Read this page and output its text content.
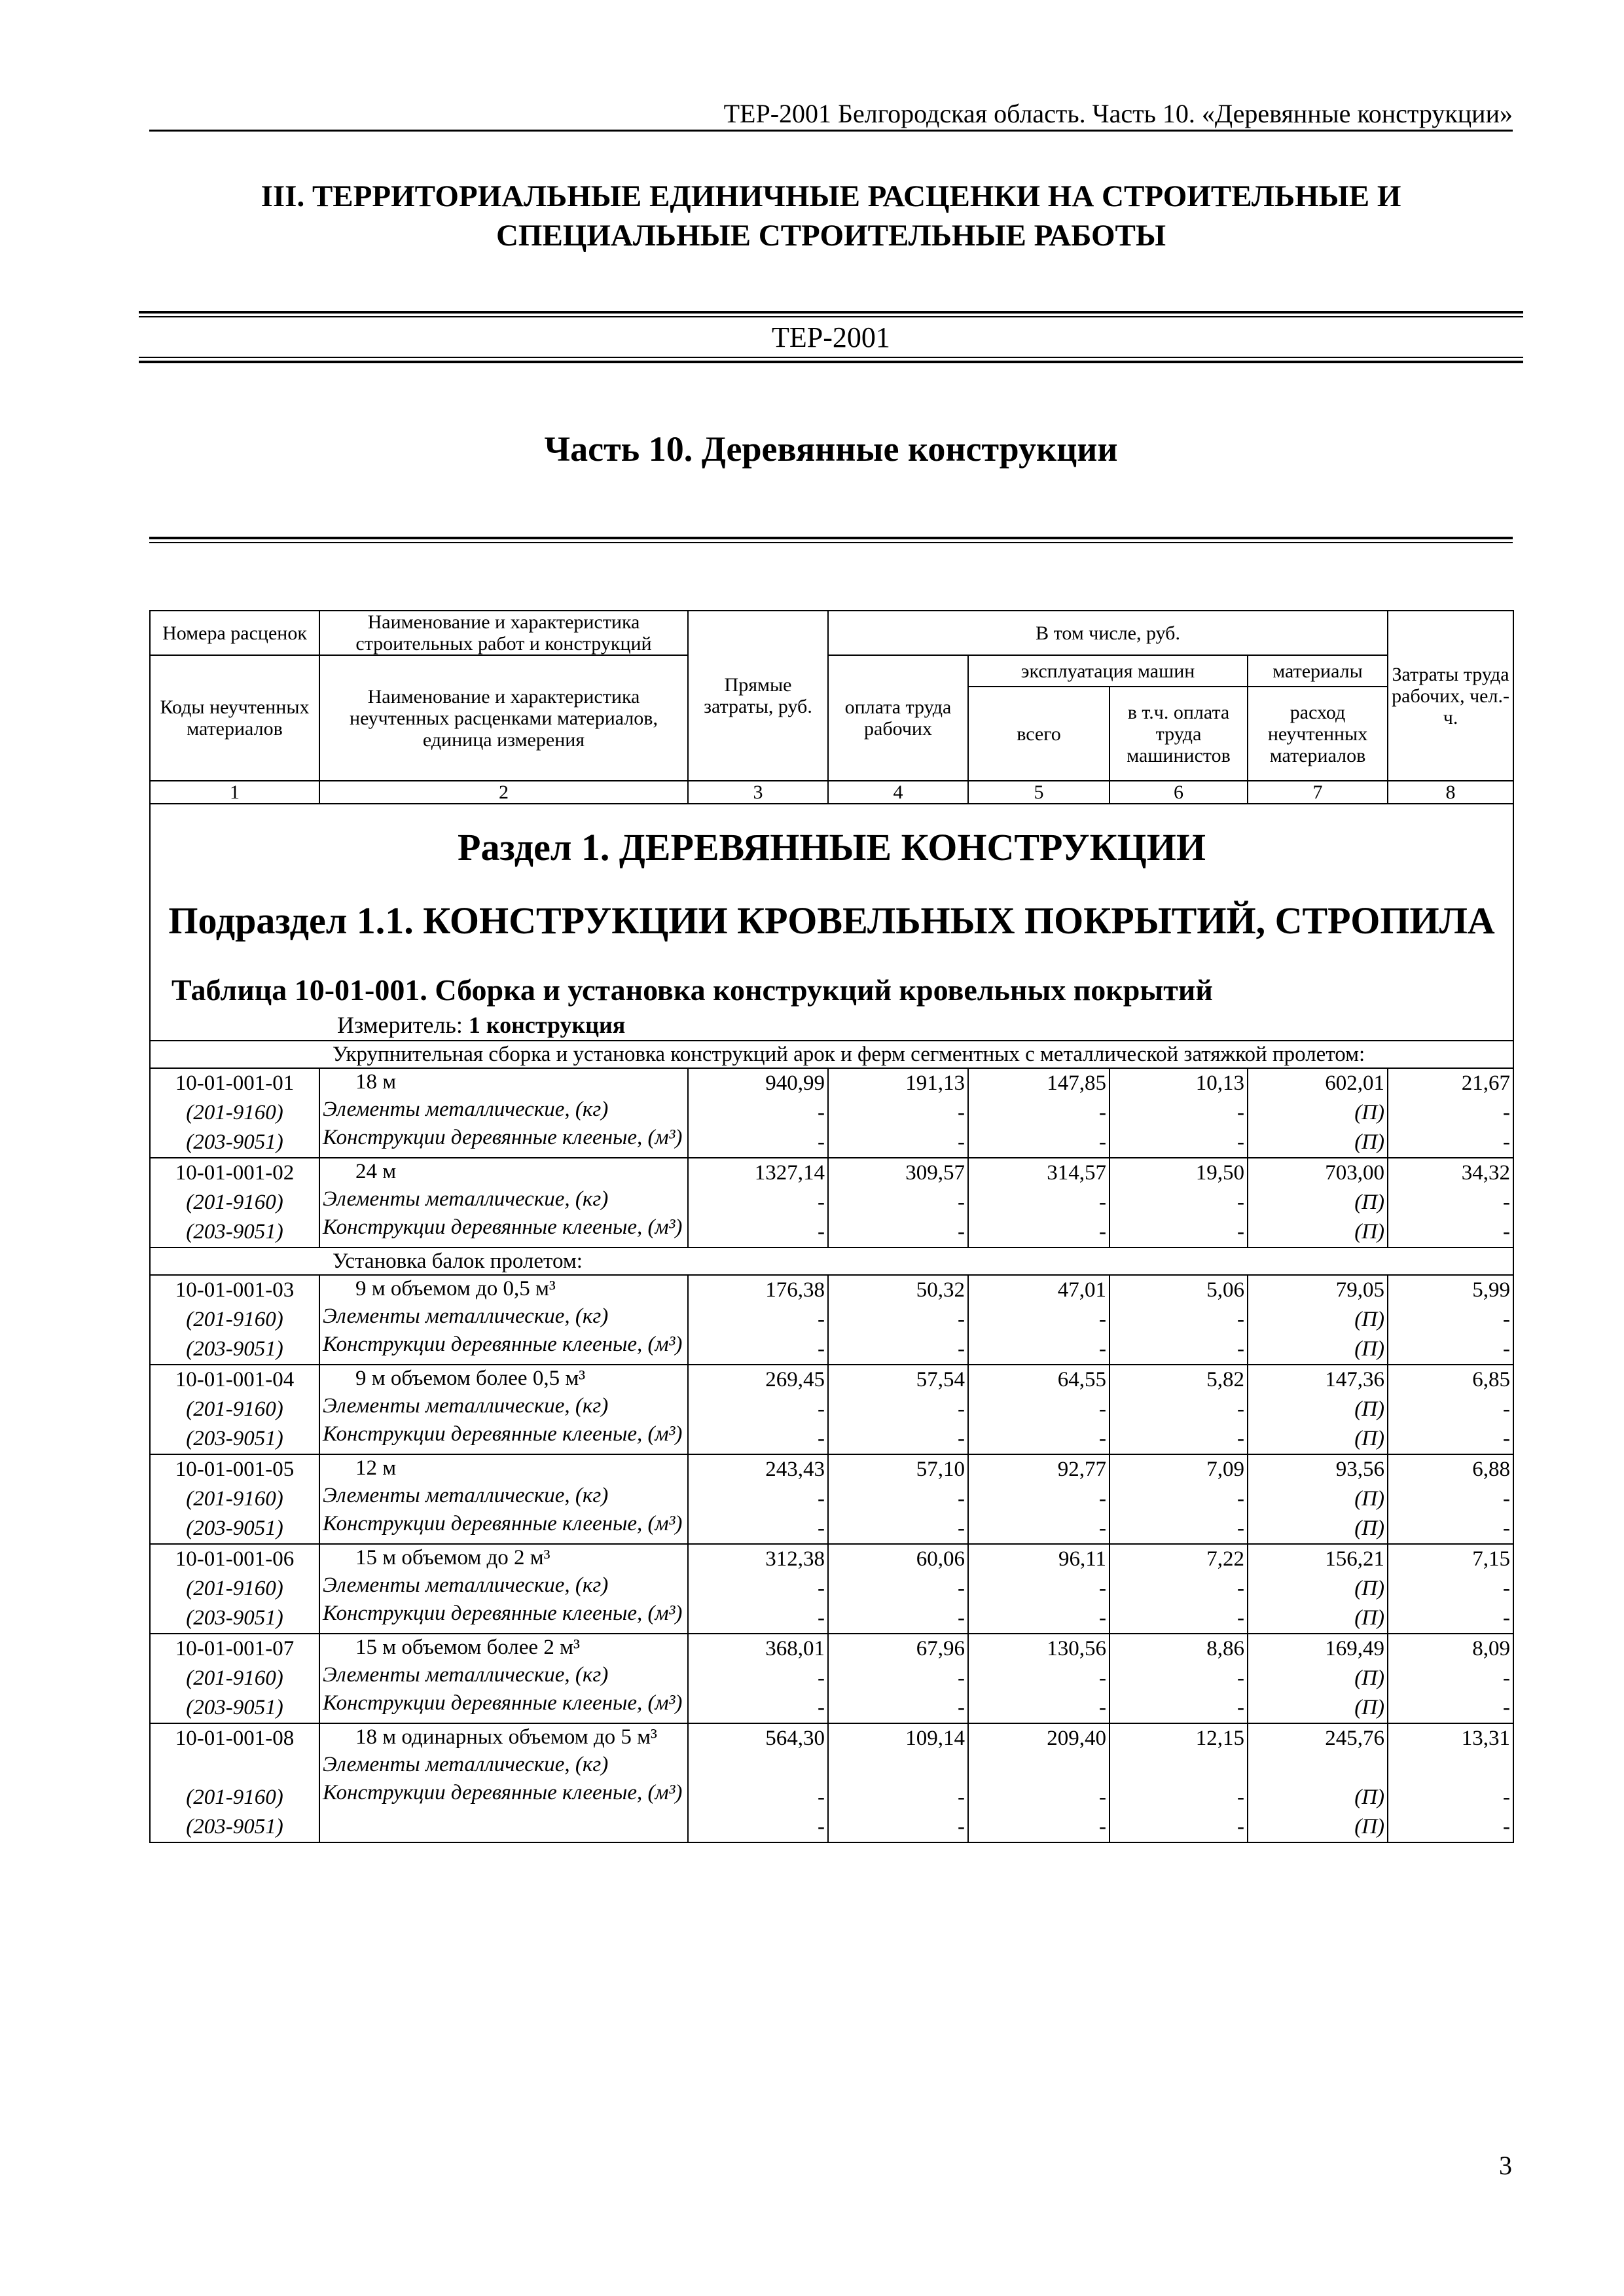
ТЕР-2001 Белгородская область. Часть 10. «Деревянные конструкции»
III. ТЕРРИТОРИАЛЬНЫЕ ЕДИНИЧНЫЕ РАСЦЕНКИ НА СТРОИТЕЛЬНЫЕ И
СПЕЦИАЛЬНЫЕ СТРОИТЕЛЬНЫЕ РАБОТЫ
ТЕР-2001
Часть 10. Деревянные конструкции
Номера расценок	Наименование и характеристика строительных работ и конструкций	Прямые затраты, руб.	В том числе, руб.				Затраты труда рабочих, чел.-ч.
Коды неучтенных материалов	Наименование и характеристика неучтенных расценками материалов, единица измерения		оплата труда рабочих	эксплуатация машин		материалы	
				всего	в т.ч. оплата труда машинистов	расход неучтенных материалов	
1	2	3	4	5	6	7	8

Раздел 1. ДЕРЕВЯННЫЕ КОНСТРУКЦИИ
Подраздел 1.1. КОНСТРУКЦИИ КРОВЕЛЬНЫХ ПОКРЫТИЙ, СТРОПИЛА
Таблица 10-01-001. Сборка и установка конструкций кровельных покрытий
Измеритель: 1 конструкция							

	Укрупнительная сборка и установка конструкций арок и ферм сегментных с металлической затяжкой пролетом:						

10-01-001-01
(201-9160)
(203-9051)	18 м
Элементы металлические, (кг)
Конструкции деревянные клееные, (м³)	940,99
-
-	191,13
-
-	147,85
-
-	10,13
-
-	602,01
(П)
(П)	21,67
-
-

10-01-001-02
(201-9160)
(203-9051)	24 м
Элементы металлические, (кг)
Конструкции деревянные клееные, (м³)	1327,14
-
-	309,57
-
-	314,57
-
-	19,50
-
-	703,00
(П)
(П)	34,32
-
-

	Установка балок пролетом:						

10-01-001-03
(201-9160)
(203-9051)	9 м объемом до 0,5 м³
Элементы металлические, (кг)
Конструкции деревянные клееные, (м³)	176,38
-
-	50,32
-
-	47,01
-
-	5,06
-
-	79,05
(П)
(П)	5,99
-
-

10-01-001-04
(201-9160)
(203-9051)	9 м объемом более 0,5 м³
Элементы металлические, (кг)
Конструкции деревянные клееные, (м³)	269,45
-
-	57,54
-
-	64,55
-
-	5,82
-
-	147,36
(П)
(П)	6,85
-
-

10-01-001-05
(201-9160)
(203-9051)	12 м
Элементы металлические, (кг)
Конструкции деревянные клееные, (м³)	243,43
-
-	57,10
-
-	92,77
-
-	7,09
-
-	93,56
(П)
(П)	6,88
-
-

10-01-001-06
(201-9160)
(203-9051)	15 м объемом до 2 м³
Элементы металлические, (кг)
Конструкции деревянные клееные, (м³)	312,38
-
-	60,06
-
-	96,11
-
-	7,22
-
-	156,21
(П)
(П)	7,15
-
-

10-01-001-07
(201-9160)
(203-9051)	15 м объемом более 2 м³
Элементы металлические, (кг)
Конструкции деревянные клееные, (м³)	368,01
-
-	67,96
-
-	130,56
-
-	8,86
-
-	169,49
(П)
(П)	8,09
-
-

10-01-001-08

(201-9160)
(203-9051)	18 м одинарных объемом до 5 м³
Элементы металлические, (кг)
Конструкции деревянные клееные, (м³)	564,30

-
-	109,14

-
-	209,40

-
-	12,15

-
-	245,76

(П)
(П)	13,31

-
-
3
